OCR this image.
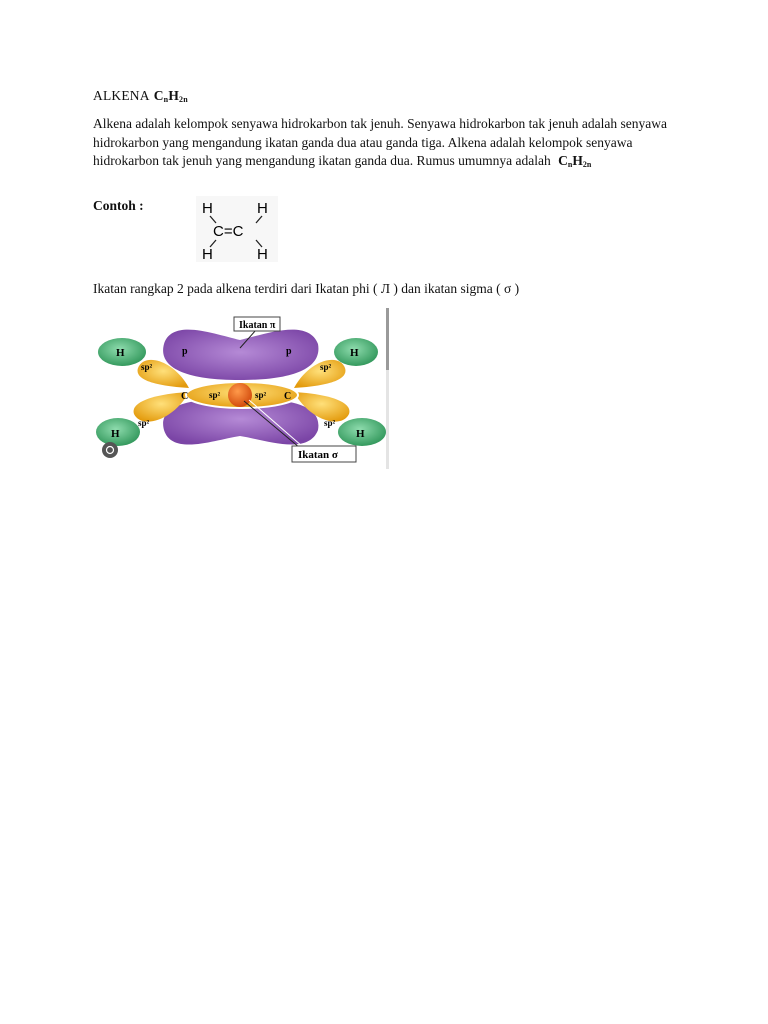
ALKENA $C_nH_{2n}$
Alkena adalah kelompok senyawa hidrokarbon tak jenuh. Senyawa hidrokarbon tak jenuh adalah senyawa hidrokarbon yang mengandung ikatan ganda dua atau ganda tiga. Alkena adalah kelompok senyawa hidrokarbon tak jenuh yang mengandung ikatan ganda dua. Rumus umumnya adalah $C_nH_{2n}$
Contoh :	H	H
C=C
H	H
Ikatan rangkap 2 pada alkena terdiri dari Ikatan phi ( Л ) dan ikatan sigma ( σ )
H	H
H	H
p	p
C	C
sp²	sp²
sp²	sp²
sp²	sp²
Ikatan π
Ikatan σ
